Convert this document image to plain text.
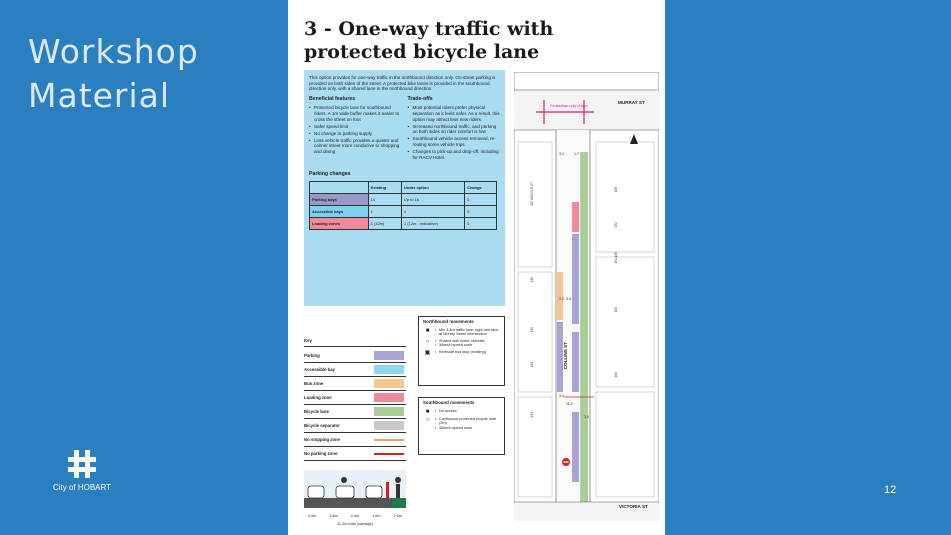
Workshop
Material
City of HOBART	12
3 - One-way traffic with protected bicycle lane
This option provides for one-way traffic in the northbound direction only. On-street parking is provided on both sides of the street. A protected bike lanes is provided in the southbound direction only, with a shared lane in the northbound direction.
Beneficial features
• Protected bicycle lane for southbound riders. A 1m wide buffer makes it easier to cross the street on foot
• Safer speed limit
• No change to parking supply
• Less vehicle traffic provides a quieter and calmer street more conducive to shopping and dining
Trade-offs
• Most potential riders prefer physical separation as it feels safer. As a result, this option may attract less new riders.
• Increased northbound traffic, and parking on both sides so rider comfort is low
• Southbound vehicle access removed, re-routing some vehicle trips.
• Changes to pick-up and drop-off, including for RACV Hotel.
Parking changes
	Existing	Under option	Change
Parking bays	14	Up to 16	0
Accessible bays	1	1	0
Loading zones	1 (12m)	1 (12m - indicative)	0
Northbound movements
■	• Min 3.4m traffic lane, right turn lane at Murray Street intersection
○	• Shared with motor vehicles
• 30km/h speed zone
▣	• Kerbside bus stop (existing)
Southbound movements
■	• No access
○	• Continuous protected bicycle lane (2m)
• 40km/h speed zone
Key
Parking
Accessible bay
Bus zone
Loading zone
Bicycle lane
Bicycle separator
No stopping zone
No parking zone
2.0m	3.8m	2.4m	1.0m	2.0m
11.2m total (carriage)
MURRAY ST
Pedestrian only phase
VICTORIA ST
COLLINS ST
107 ARGYLE ST
119
125
143
151
158
152
154-156
150
160
3.4	1.7
2.2 3.4
3.4
11.2
1.0
